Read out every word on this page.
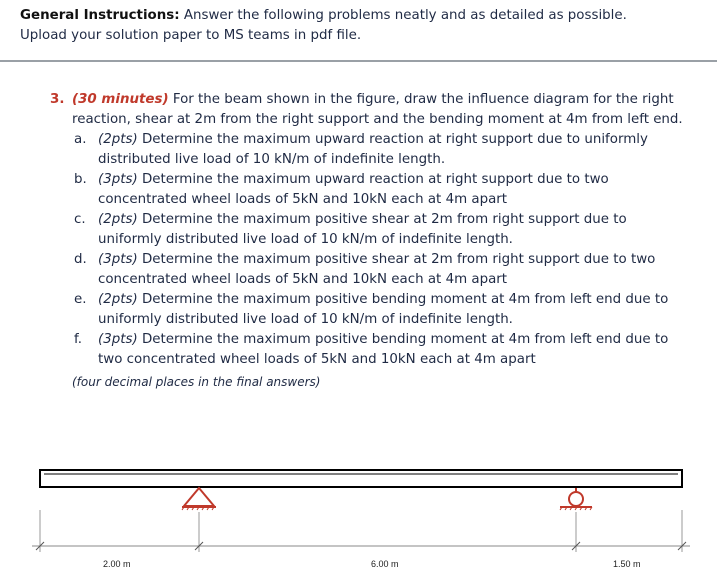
General Instructions: Answer the following problems neatly and as detailed as possible.
Upload your solution paper to MS teams in pdf file.
3. (30 minutes) For the beam shown in the figure, draw the influence diagram for the right reaction, shear at 2m from the right support and the bending moment at 4m from left end.
a. (2pts) Determine the maximum upward reaction at right support due to uniformly distributed live load of 10 kN/m of indefinite length.
b. (3pts) Determine the maximum upward reaction at right support due to two concentrated wheel loads of 5kN and 10kN each at 4m apart
c. (2pts) Determine the maximum positive shear at 2m from right support due to uniformly distributed live load of 10 kN/m of indefinite length.
d. (3pts) Determine the maximum positive shear at 2m from right support due to two concentrated wheel loads of 5kN and 10kN each at 4m apart
e. (2pts) Determine the maximum positive bending moment at 4m from left end due to uniformly distributed live load of 10 kN/m of indefinite length.
f. (3pts) Determine the maximum positive bending moment at 4m from left end due to two concentrated wheel loads of 5kN and 10kN each at 4m apart
(four decimal places in the final answers)
2.00 m	6.00 m	1.50 m
